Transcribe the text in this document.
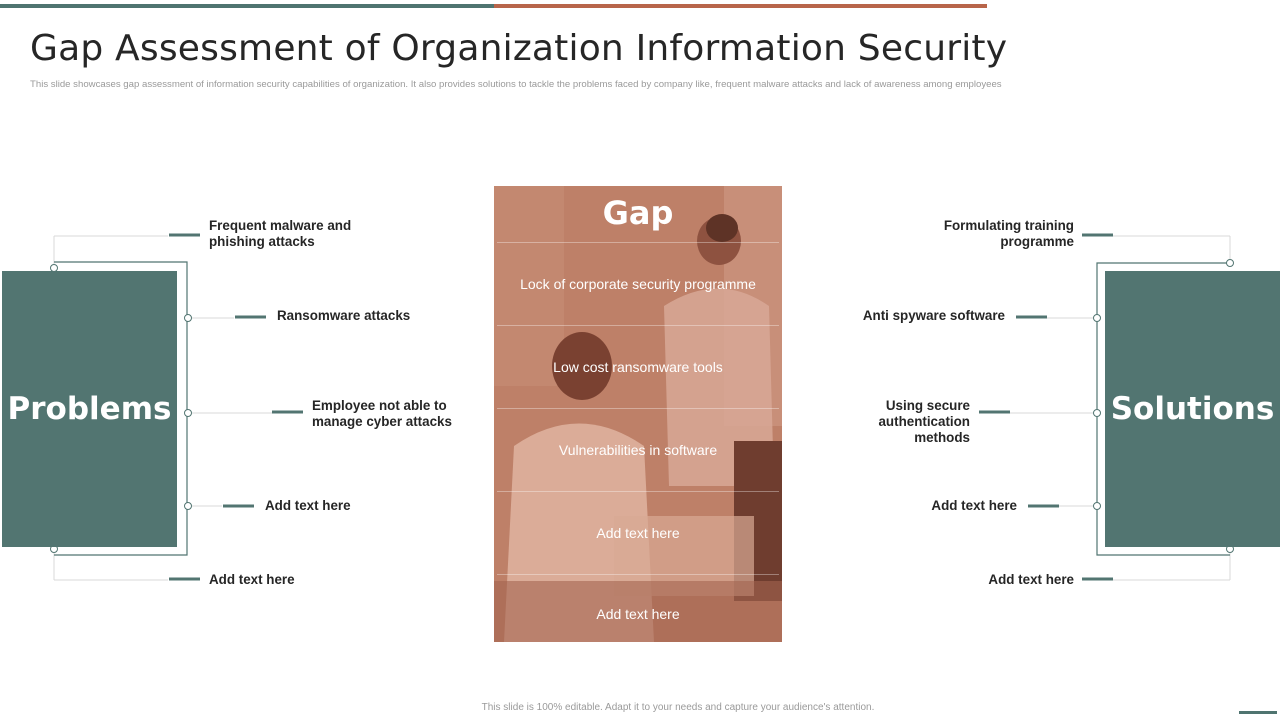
Gap Assessment of Organization Information Security
This slide showcases gap assessment of information security capabilities of organization. It also provides solutions to tackle the problems faced by company like, frequent malware attacks and lack of awareness among employees
Problems	Solutions
Gap
Lock of corporate security programme
Low cost ransomware tools
Vulnerabilities in software
Add text here
Add text here
Frequent malware and phishing attacks
Ransomware attacks
Employee not able to manage cyber attacks
Add text here
Add text here
Formulating training programme
Anti spyware software
Using secure authentication methods
Add text here
Add text here
This slide is 100% editable. Adapt it to your needs and capture your audience's attention.
